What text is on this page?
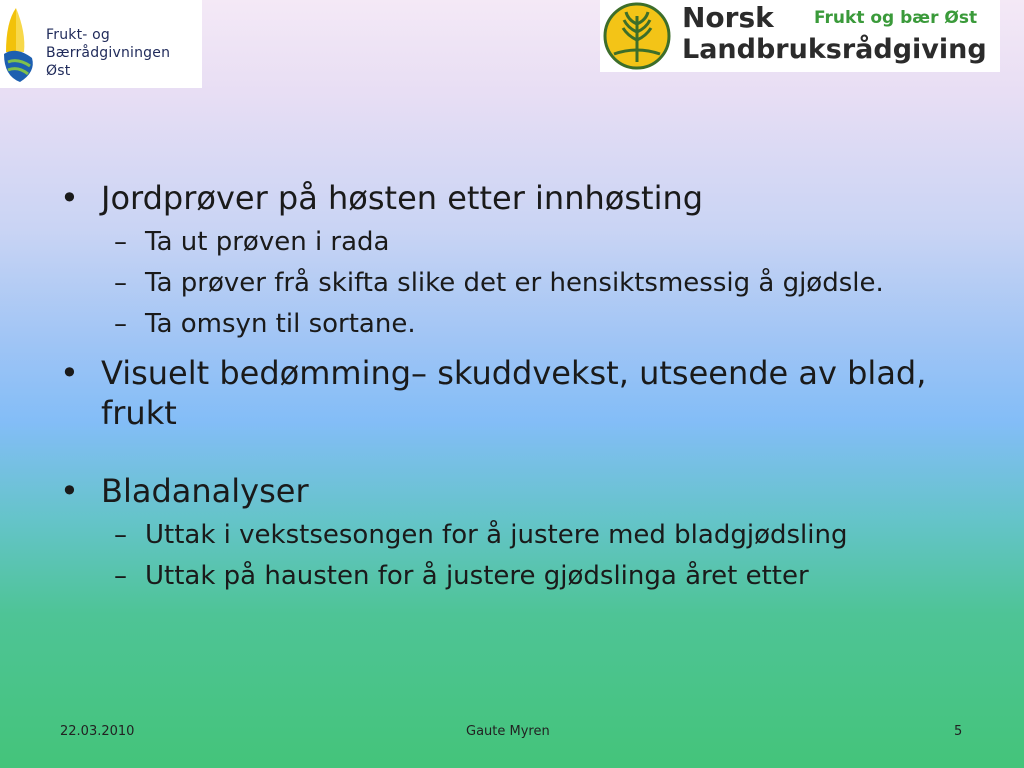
Frukt- og
Bærrådgivningen
Øst
Norsk Frukt og bær Øst
Landbruksrådgiving

• Jordprøver på høsten etter innhøsting

– Ta ut prøven i rada

– Ta prøver frå skifta slike det er hensiktsmessig å gjødsle.

– Ta omsyn til sortane.

• Visuelt bedømming– skuddvekst, utseende av blad, frukt

• Bladanalyser

– Uttak i vekstsesongen for å justere med bladgjødsling

– Uttak på hausten for å justere gjødslinga året etter

22.03.2010	Gaute Myren	5
